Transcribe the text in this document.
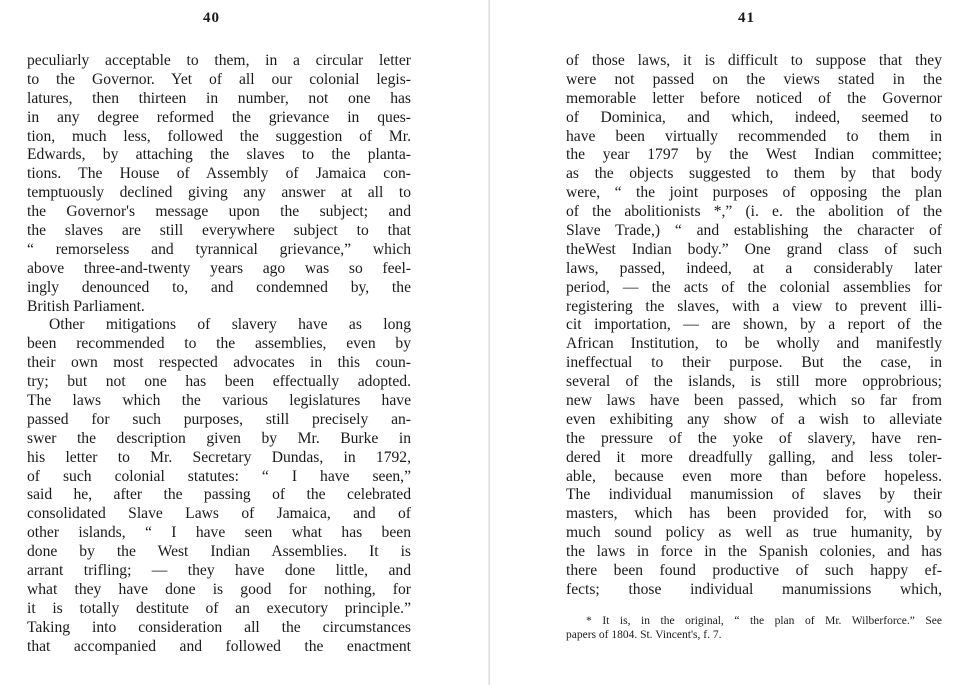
40
peculiarly acceptable to them, in a circular letter
to the Governor. Yet of all our colonial legis-
latures, then thirteen in number, not one has
in any degree reformed the grievance in ques-
tion, much less, followed the suggestion of Mr.
Edwards, by attaching the slaves to the planta-
tions. The House of Assembly of Jamaica con-
temptuously declined giving any answer at all to
the Governor's message upon the subject; and
the slaves are still everywhere subject to that
“ remorseless and tyrannical grievance,” which
above three-and-twenty years ago was so feel-
ingly denounced to, and condemned by, the
British Parliament.
Other mitigations of slavery have as long
been recommended to the assemblies, even by
their own most respected advocates in this coun-
try; but not one has been effectually adopted.
The laws which the various legislatures have
passed for such purposes, still precisely an-
swer the description given by Mr. Burke in
his letter to Mr. Secretary Dundas, in 1792,
of such colonial statutes: “ I have seen,”
said he, after the passing of the celebrated
consolidated Slave Laws of Jamaica, and of
other islands, “ I have seen what has been
done by the West Indian Assemblies. It is
arrant trifling; — they have done little, and
what they have done is good for nothing, for
it is totally destitute of an executory principle.”
Taking into consideration all the circumstances
that accompanied and followed the enactment
41
of those laws, it is difficult to suppose that they
were not passed on the views stated in the
memorable letter before noticed of the Governor
of Dominica, and which, indeed, seemed to
have been virtually recommended to them in
the year 1797 by the West Indian committee;
as the objects suggested to them by that body
were, “ the joint purposes of opposing the plan
of the abolitionists *,” (i. e. the abolition of the
Slave Trade,) “ and establishing the character of
theWest Indian body.” One grand class of such
laws, passed, indeed, at a considerably later
period, — the acts of the colonial assemblies for
registering the slaves, with a view to prevent illi-
cit importation, — are shown, by a report of the
African Institution, to be wholly and manifestly
ineffectual to their purpose. But the case, in
several of the islands, is still more opprobrious;
new laws have been passed, which so far from
even exhibiting any show of a wish to alleviate
the pressure of the yoke of slavery, have ren-
dered it more dreadfully galling, and less toler-
able, because even more than before hopeless.
The individual manumission of slaves by their
masters, which has been provided for, with so
much sound policy as well as true humanity, by
the laws in force in the Spanish colonies, and has
there been found productive of such happy ef-
fects; those individual manumissions which,
* It is, in the original, “ the plan of Mr. Wilberforce.” See
papers of 1804. St. Vincent's, f. 7.
